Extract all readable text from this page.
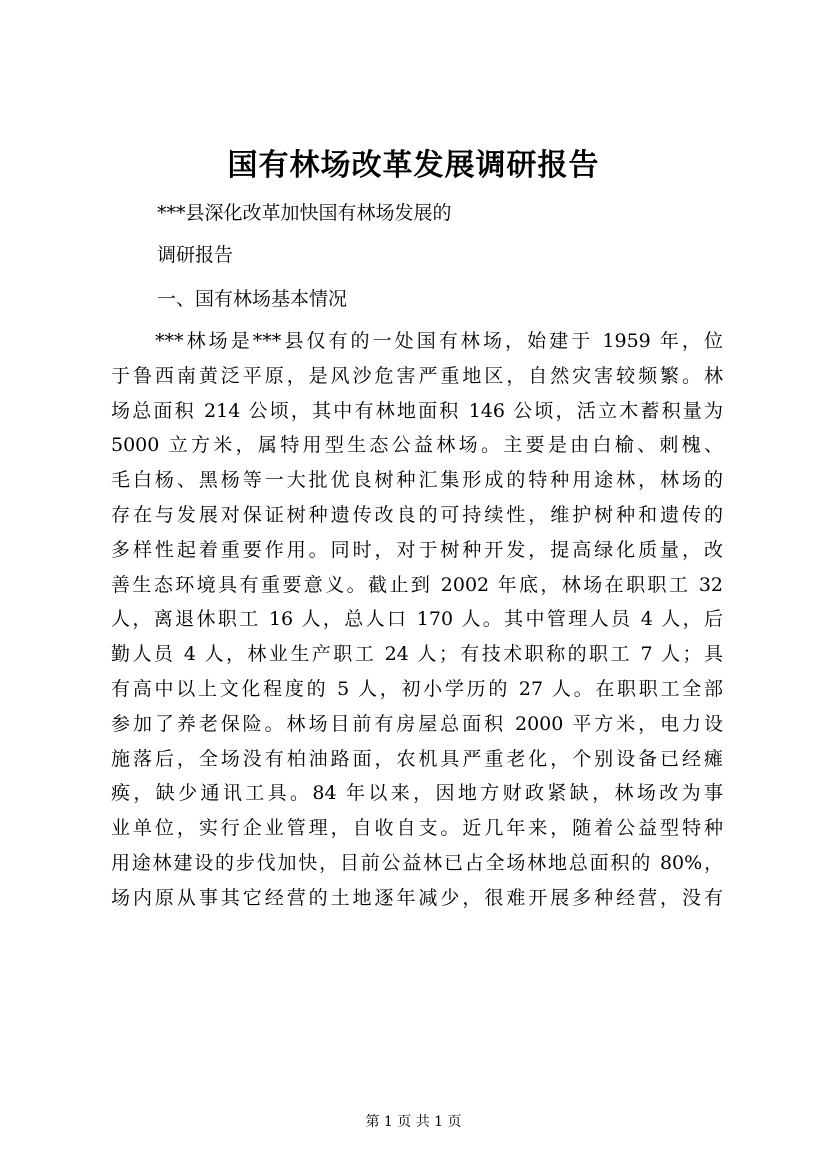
国有林场改革发展调研报告

***县深化改革加快国有林场发展的

调研报告

一、国有林场基本情况

***林场是***县仅有的一处国有林场，始建于 1959 年，位
于鲁西南黄泛平原，是风沙危害严重地区，自然灾害较频繁。林
场总面积 214 公顷，其中有林地面积 146 公顷，活立木蓄积量为
5000 立方米，属特用型生态公益林场。主要是由白榆、刺槐、
毛白杨、黑杨等一大批优良树种汇集形成的特种用途林，林场的
存在与发展对保证树种遗传改良的可持续性，维护树种和遗传的
多样性起着重要作用。同时，对于树种开发，提高绿化质量，改
善生态环境具有重要意义。截止到 2002 年底，林场在职职工 32
人，离退休职工 16 人，总人口 170 人。其中管理人员 4 人，后
勤人员 4 人，林业生产职工 24 人；有技术职称的职工 7 人；具
有高中以上文化程度的 5 人，初小学历的 27 人。在职职工全部
参加了养老保险。林场目前有房屋总面积 2000 平方米，电力设
施落后，全场没有柏油路面，农机具严重老化，个别设备已经瘫
痪，缺少通讯工具。84 年以来，因地方财政紧缺，林场改为事
业单位，实行企业管理，自收自支。近几年来，随着公益型特种
用途林建设的步伐加快，目前公益林已占全场林地总面积的 80%，
场内原从事其它经营的土地逐年减少，很难开展多种经营，没有

第 1 页 共 1 页
